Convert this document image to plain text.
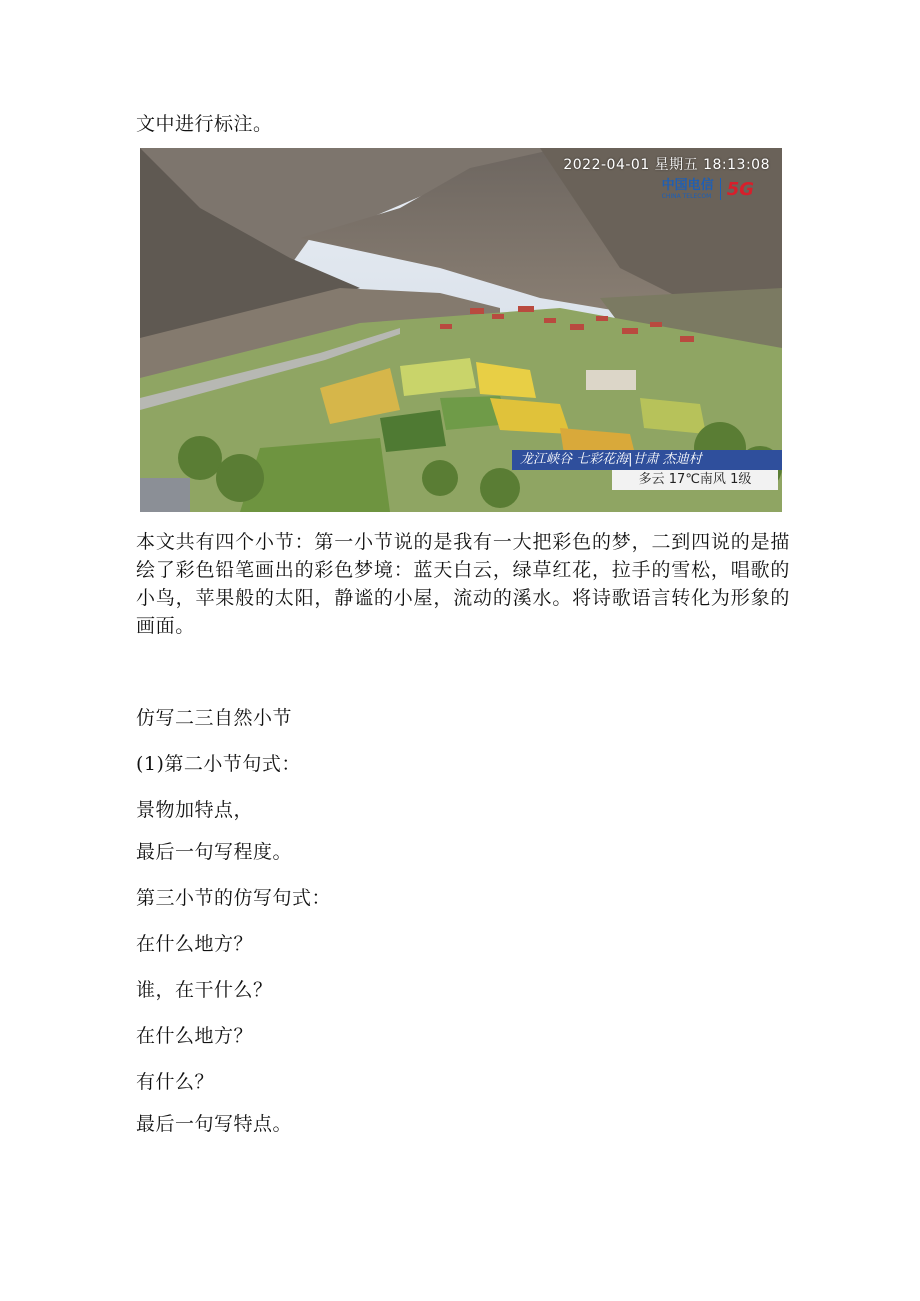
文中进行标注。
2022-04-01 星期五 18:13:08
中国电信
CHINA TELECOM 5G
龙江峡谷 七彩花海|甘肃 杰迪村
多云 17℃南风 1级
本文共有四个小节：第一小节说的是我有一大把彩色的梦，二到四说的是描绘了彩色铅笔画出的彩色梦境：蓝天白云，绿草红花，拉手的雪松，唱歌的小鸟，苹果般的太阳，静谧的小屋，流动的溪水。将诗歌语言转化为形象的画面。
仿写二三自然小节
(1)第二小节句式：
景物加特点，
最后一句写程度。
第三小节的仿写句式：
在什么地方？
谁，在干什么？
在什么地方？
有什么？
最后一句写特点。
